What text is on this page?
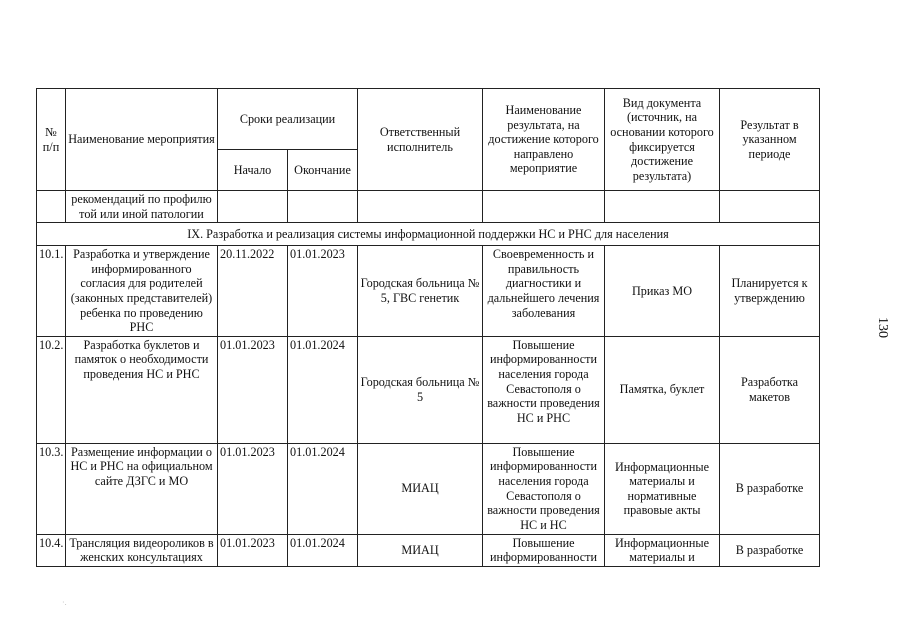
№ п/п	Наименование мероприятия	Сроки реализации		Ответственный исполнитель	Наименование результата, на достижение которого направлено мероприятие	Вид документа (источник, на основании которого фиксируется достижение результата)	Результат в указанном периоде
		Начало	Окончание				
	рекомендаций по профилю той или иной патологии						
IX. Разработка и реализация системы информационной поддержки НС и РНС для населения							
10.1.	Разработка и утверждение информированного согласия для родителей (законных представителей) ребенка по проведению РНС	20.11.2022	01.01.2023	Городская больница № 5, ГВС генетик	Своевременность и правильность диагностики и дальнейшего лечения заболевания	Приказ МО	Планируется к утверждению
10.2.	Разработка буклетов и памяток о необходимости проведения НС и РНС	01.01.2023	01.01.2024	Городская больница № 5	Повышение информированности населения города Севастополя о важности проведения НС и РНС	Памятка, буклет	Разработка макетов
10.3.	Размещение информации о НС и РНС на официальном сайте ДЗГС и МО	01.01.2023	01.01.2024	МИАЦ	Повышение информированности населения города Севастополя о важности проведения НС и НС	Информационные материалы и нормативные правовые акты	В разработке
10.4.	Трансляция видеороликов в женских консультациях	01.01.2023	01.01.2024	МИАЦ	Повышение информированности	Информационные материалы и	В разработке
130
·.
